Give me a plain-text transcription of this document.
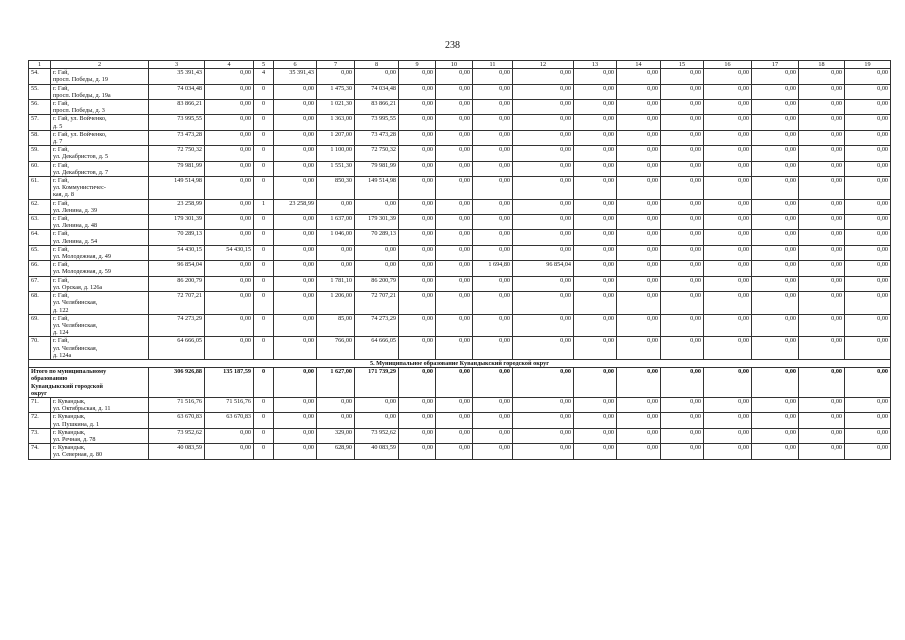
238
1	2	3	4	5	6	7	8	9	10	11	12	13	14	15	16	17	18	19
54.	г. Гай,
просп. Победы, д. 19	35 391,43	0,00	4	35 391,43	0,00	0,00	0,00	0,00	0,00	0,00	0,00	0,00	0,00	0,00	0,00	0,00	0,00
55.	г. Гай,
просп. Победы, д. 19а	74 034,48	0,00	0	0,00	1 475,30	74 034,48	0,00	0,00	0,00	0,00	0,00	0,00	0,00	0,00	0,00	0,00	0,00
56.	г. Гай,
просп. Победы, д. 3	83 866,21	0,00	0	0,00	1 021,30	83 866,21	0,00	0,00	0,00	0,00	0,00	0,00	0,00	0,00	0,00	0,00	0,00
57.	г. Гай, ул. Войченко,
д. 5	73 995,55	0,00	0	0,00	1 363,00	73 995,55	0,00	0,00	0,00	0,00	0,00	0,00	0,00	0,00	0,00	0,00	0,00
58.	г. Гай, ул. Войченко,
д. 7	73 473,28	0,00	0	0,00	1 207,00	73 473,28	0,00	0,00	0,00	0,00	0,00	0,00	0,00	0,00	0,00	0,00	0,00
59.	г. Гай,
ул. Декабристов, д. 5	72 750,32	0,00	0	0,00	1 100,00	72 750,32	0,00	0,00	0,00	0,00	0,00	0,00	0,00	0,00	0,00	0,00	0,00
60.	г. Гай,
ул. Декабристов, д. 7	79 981,99	0,00	0	0,00	1 551,30	79 981,99	0,00	0,00	0,00	0,00	0,00	0,00	0,00	0,00	0,00	0,00	0,00
61.	г. Гай,
ул. Коммунистичес-
кая, д. 8	149 514,98	0,00	0	0,00	850,30	149 514,98	0,00	0,00	0,00	0,00	0,00	0,00	0,00	0,00	0,00	0,00	0,00
62.	г. Гай,
ул. Ленина, д. 39	23 258,99	0,00	1	23 258,99	0,00	0,00	0,00	0,00	0,00	0,00	0,00	0,00	0,00	0,00	0,00	0,00	0,00
63.	г. Гай,
ул. Ленина, д. 48	179 301,39	0,00	0	0,00	1 637,00	179 301,39	0,00	0,00	0,00	0,00	0,00	0,00	0,00	0,00	0,00	0,00	0,00
64.	г. Гай,
ул. Ленина, д. 54	70 289,13	0,00	0	0,00	1 046,00	70 289,13	0,00	0,00	0,00	0,00	0,00	0,00	0,00	0,00	0,00	0,00	0,00
65.	г. Гай,
ул. Молодежная, д. 49	54 430,15	54 430,15	0	0,00	0,00	0,00	0,00	0,00	0,00	0,00	0,00	0,00	0,00	0,00	0,00	0,00	0,00
66.	г. Гай,
ул. Молодежная, д. 59	96 854,04	0,00	0	0,00	0,00	0,00	0,00	0,00	1 694,80	96 854,04	0,00	0,00	0,00	0,00	0,00	0,00	0,00
67.	г. Гай,
ул. Орская, д. 126а	86 200,79	0,00	0	0,00	1 781,10	86 200,79	0,00	0,00	0,00	0,00	0,00	0,00	0,00	0,00	0,00	0,00	0,00
68.	г. Гай,
ул. Челябинская,
д. 122	72 707,21	0,00	0	0,00	1 206,00	72 707,21	0,00	0,00	0,00	0,00	0,00	0,00	0,00	0,00	0,00	0,00	0,00
69.	г. Гай,
ул. Челябинская,
д. 124	74 273,29	0,00	0	0,00	85,00	74 273,29	0,00	0,00	0,00	0,00	0,00	0,00	0,00	0,00	0,00	0,00	0,00
70.	г. Гай,
ул. Челябинская,
д. 124а	64 666,05	0,00	0	0,00	766,00	64 666,05	0,00	0,00	0,00	0,00	0,00	0,00	0,00	0,00	0,00	0,00	0,00
5. Муниципальное образование Кувандыкский городской округ																		
Итого по муниципальному
образованию
Кувандыкский городской
округ		306 926,88	135 187,59	0	0,00	1 627,00	171 739,29	0,00	0,00	0,00	0,00	0,00	0,00	0,00	0,00	0,00	0,00	0,00
71.	г. Кувандык,
ул. Октябрьская, д. 11	71 516,76	71 516,76	0	0,00	0,00	0,00	0,00	0,00	0,00	0,00	0,00	0,00	0,00	0,00	0,00	0,00	0,00
72.	г. Кувандык,
ул. Пушкина, д. 1	63 670,83	63 670,83	0	0,00	0,00	0,00	0,00	0,00	0,00	0,00	0,00	0,00	0,00	0,00	0,00	0,00	0,00
73.	г. Кувандык,
ул. Речная, д. 78	73 952,62	0,00	0	0,00	329,00	73 952,62	0,00	0,00	0,00	0,00	0,00	0,00	0,00	0,00	0,00	0,00	0,00
74.	г. Кувандык,
ул. Северная, д. 80	40 083,59	0,00	0	0,00	628,90	40 083,59	0,00	0,00	0,00	0,00	0,00	0,00	0,00	0,00	0,00	0,00	0,00
